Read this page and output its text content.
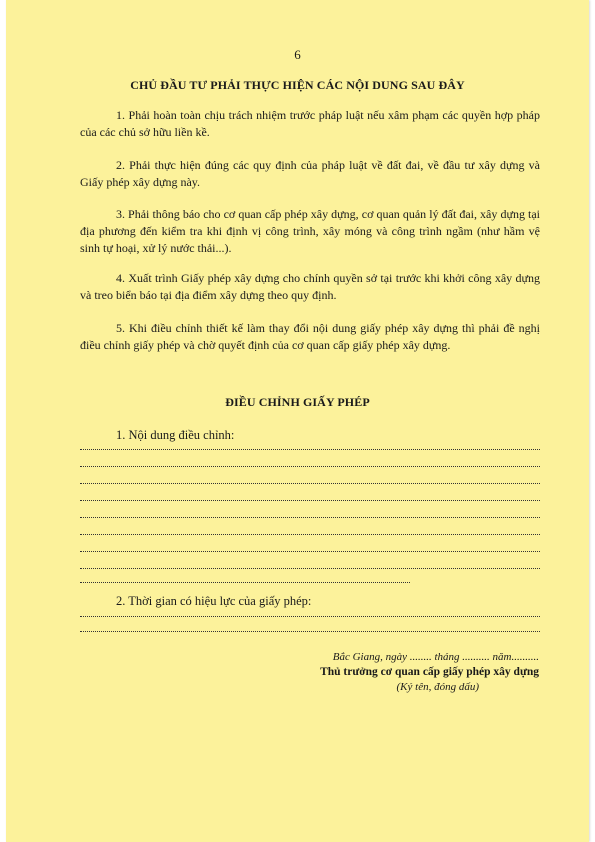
6
CHỦ ĐẦU TƯ PHẢI THỰC HIỆN CÁC NỘI DUNG SAU ĐÂY
1. Phải hoàn toàn chịu trách nhiệm trước pháp luật nếu xâm phạm các quyền hợp pháp của các chủ sở hữu liền kề.
2. Phải thực hiện đúng các quy định của pháp luật về đất đai, về đầu tư xây dựng và Giấy phép xây dựng này.
3. Phải thông báo cho cơ quan cấp phép xây dựng, cơ quan quản lý đất đai, xây dựng tại địa phương đến kiểm tra khi định vị công trình, xây móng và công trình ngầm (như hầm vệ sinh tự hoại, xử lý nước thải...).
4. Xuất trình Giấy phép xây dựng cho chính quyền sở tại trước khi khởi công xây dựng và treo biển báo tại địa điểm xây dựng theo quy định.
5. Khi điều chỉnh thiết kế làm thay đổi nội dung giấy phép xây dựng thì phải đề nghị điều chỉnh giấy phép và chờ quyết định của cơ quan cấp giấy phép xây dựng.
ĐIỀU CHỈNH GIẤY PHÉP
1. Nội dung điều chỉnh:
2. Thời gian có hiệu lực của giấy phép:
Bắc Giang, ngày ........ tháng .......... năm..........
Thủ trưởng cơ quan cấp giấy phép xây dựng
(Ký tên, đóng dấu)
